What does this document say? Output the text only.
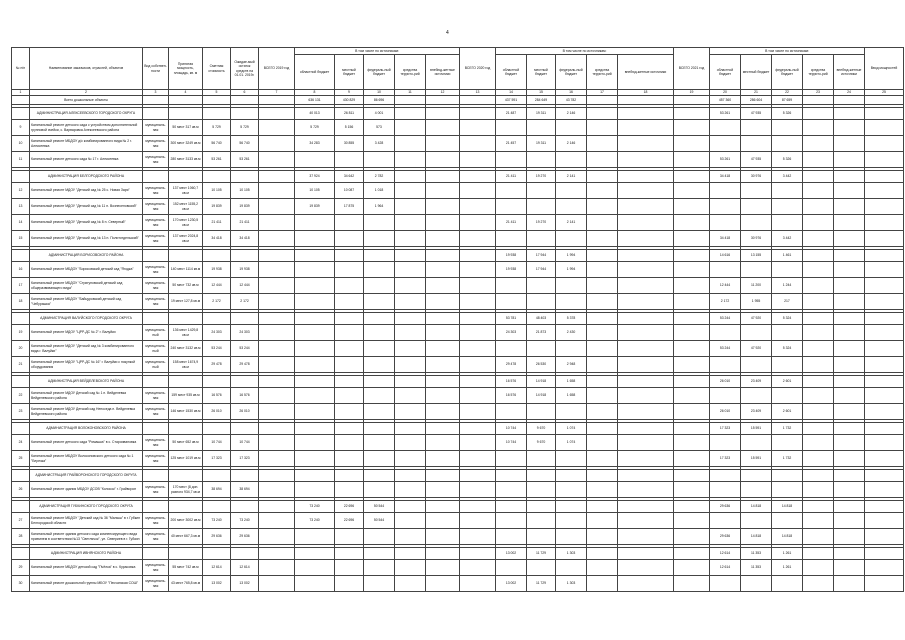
4
№ п/п	Наименование заказчиков, отраслей, объектов	Вид собствен-ности	Принятая мощность, площадь, кв. м	Сметная стоимость	Ожидае-мый остаток средств на 01.01. 2019г.	ВСЕГО 2019 год	В том числе по источникам:					ВСЕГО 2020 год	В том числе по источникам:					ВСЕГО 2021 год	В том числе по источникам:					Ввод мощностей	
							областной бюджет	местный бюджет	федераль-ный бюджет	средства террито-рий	внебюд-жетные источники		областной бюджет	местный бюджет	федераль-ный бюджет	средства террито-рий	внебюд-жетные источники		областной бюджет	местный бюджет	федераль-ный бюджет	средства террито-рий	внебюд-жетные источники		
1	2	3	4	5	6	7	8	9	10	11	12	13	14	15	16	17	18	19	20	21	22	23	24	25	
	Всего дошкольные объекты						636 131	430 829	86 696				437 591	284 649	43 782				457 360	286 604	87 659				

	АДМИНИСТРАЦИЯ АЛЕКСЕЕВСКОГО ГОРОДСКОГО ОКРУГА						40 013	26 811	4 001				21 487	19 311	2 146				53 261	47 935	5 326				
9	Капитальный ремонт детского сада с устройством дополнительной групповой ячейки, с. Варваровка Алексеевского района	муниципаль-ная	50 мест 317 кв.м	5 729	5 729		5 729	5 156	573																
10	Капитальный ремонт МБДОУ д/с комбинированного вида № 2 г. Алексеевка	муниципаль-ная	300 мест 3249 кв.м	56 740	56 740		34 283	30 855	3 428				21 457	19 311	2 146										
11	Капитальный ремонт детского сада № 17 г. Алексеевка	муниципаль-ная	280 мест 3133 кв.м	53 261	53 261														53 261	47 935	5 326				

	АДМИНИСТРАЦИЯ БЕЛГОРОДСКОГО РАЙОНА						37 924	34 642	2 782				21 411	19 270	2 141				34 418	30 976	3 442				
12	Капитальный ремонт МДОУ "Детский сад № 25 с. Новая Заря"	муниципаль-ная	137 мест 1060,7 кв.м	10 105	10 105		10 105	10 087	1 018																
13	Капитальный ремонт МДОУ "Детский сад № 11 п. Вознесеновский"	муниципаль-ная	152 мест 1155,2 кв.м	19 839	19 839		19 839	17 875	1 964																
14	Капитальный ремонт МДОУ "Детский сад № 8 п. Северный"	муниципаль-ная	170 мест 1230,5 кв.м	21 411	21 411								21 411	19 270	2 141										
15	Капитальный ремонт МДОУ "Детский сад № 13 п. Политотдельский"	муниципаль-ная	137 мест 2024,8 кв.м	34 418	34 418														34 418	30 976	3 442				

	АДМИНИСТРАЦИЯ БОРИСОВСКОГО РАЙОНА												19 938	17 944	1 994				14 616	13 155	1 461				
16	Капитальный ремонт МБДОУ "Борисовский детский сад "Ягодка"	муниципаль-ная	140 мест 1114 кв.м	19 938	19 938								19 938	17 944	1 994										
17	Капитальный ремонт МБДОУ "Стригуновский детский сад общеразвивающего вида"	муниципаль-ная	50 мест 732 кв.м	12 444	12 444														12 444	11 200	1 244				
18	Капитальный ремонт МБДОУ "Байцуровский детский сад "Чебурашка"	муниципаль-ная	19 мест 127,8 кв.м	2 172	2 172														2 172	1 955	217				

	АДМИНИСТРАЦИЯ ВАЛУЙСКОГО ГОРОДСКОГО ОКРУГА												53 781	48 403	5 378				53 244	47 920	5 324				
19	Капитальный ремонт МДОУ "ЦРР-ДС № 2" г. Валуйки	муниципаль-ный	136 мест 1429,8 кв.м	24 303	24 303								24 303	21 873	2 430										
20	Капитальный ремонт МДОУ "Детский сад № 3 комбинированного вида г. Валуйки"	муниципаль-ный	240 мест 3132 кв.м	53 244	53 244														53 244	47 920	5 324				
21	Капитальный ремонт МДОУ "ЦРР-ДС № 16" г. Валуйки с покупкой оборудования	муниципаль-ный	158 мест 1674,9 кв.м	29 478	29 478								29 478	26 530	2 948										

	АДМИНИСТРАЦИЯ ВЕЙДЕЛЕВСКОГО РАЙОНА												16 576	14 918	1 658				26 010	23 409	2 601				
22	Капитальный ремонт МДОУ Детский сад № 1 п. Вейделевка Вейделевского района	муниципаль-ная	159 мест 935 кв.м	16 576	16 576								16 576	14 918	1 658										
23	Капитальный ремонт МДОУ Детский сад Непоседа п. Вейделевка Вейделевского района	муниципаль-ная	146 мест 1530 кв.м	26 010	26 010														26 010	23 409	2 601				

	АДМИНИСТРАЦИЯ ВОЛОКОНОВСКОГО РАЙОНА												10 744	9 670	1 074				17 323	15 591	1 732				
24	Капитальный ремонт детского сада "Ромашка" в с. Староивановка	муниципаль-ная	50 мест 652 кв.м	10 744	10 744								10 744	9 670	1 074										
25	Капитальный ремонт МБДОУ Волоконовского детского сада № 1 "Березка"	муниципаль-ная	125 мест 1019 кв.м	17 323	17 323														17 323	15 591	1 732				

	АДМИНИСТРАЦИЯ ГРАЙВОРОНСКОГО ГОРОДСКОГО ОКРУГА																								
26	Капитальный ремонт здания МБДОУ ДСОВ "Колосок" г. Грайворон	муниципаль-ная	170 мест (8 доп. разного 934,7 кв.м	38 694	38 694																				

	АДМИНИСТРАЦИЯ ГУБКИНСКОГО ГОРОДСКОГО ОКРУГА						73 240	22 696	50 544										29 636	14 818	14 818				
27	Капитальный ремонт МБДОУ "Детский сад № 36 "Малыш" в г. Губкин Белгородской области	муниципаль-ная	200 мест 3002 кв.м	73 240	73 240		73 240	22 696	50 544																
28	Капитальный ремонт здания детского сада компенсирующего вида приемлем в соответствии №13 "Светлячок", ул. Севериев в г. Губкин	муниципаль-ная	40 мест 667,3 кв.м	29 636	29 636														29 636	14 818	14 818				

	АДМИНИСТРАЦИЯ ИВНЯНСКОГО РАЙОНА												13 002	11 729	1 303				12 614	11 353	1 261				
29	Капитальный ремонт МБДОУ детский сад "Пчёлка" в с. Курасовка	муниципаль-ная	55 мест 742 кв.м	12 614	12 614														12 614	11 353	1 261				
30	Капитальный ремонт дошкольной группы МБОУ "Песчанская СОШ"	муниципаль-ная	43 мест 765,8 кв.м	13 002	13 002								13 002	11 729	1 303										
